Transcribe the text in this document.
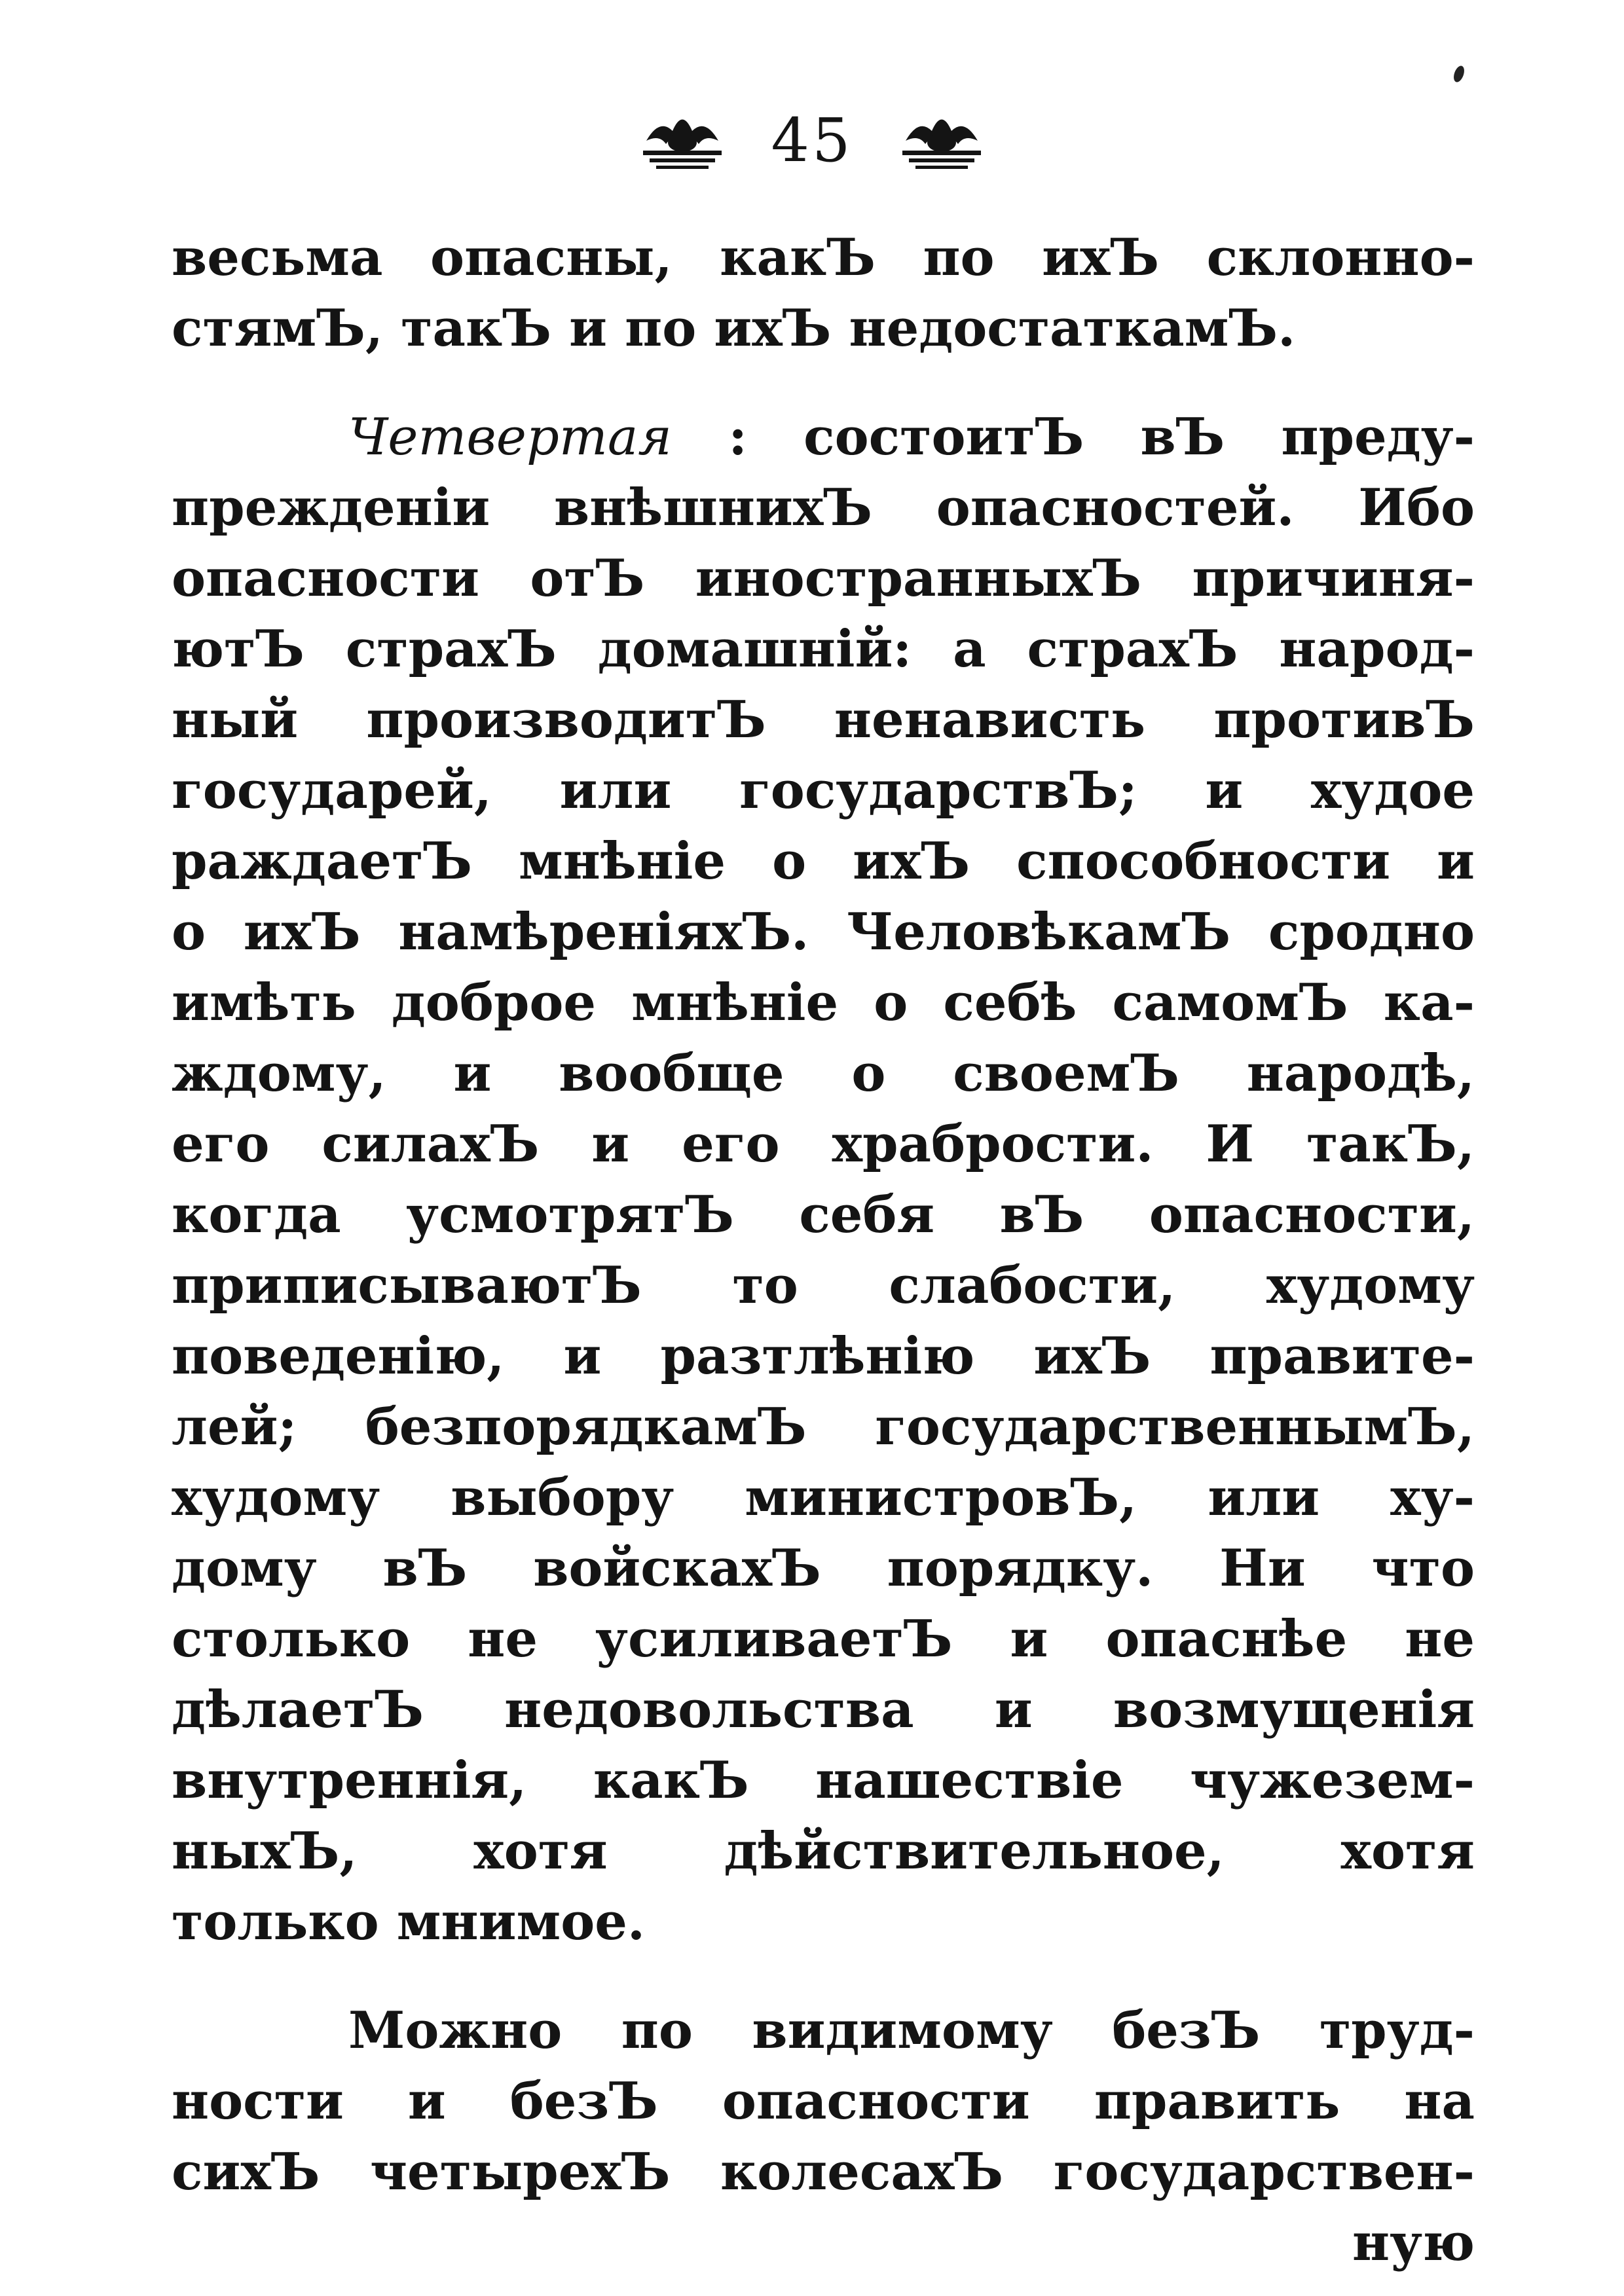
45
весьма опасны, какЪ по ихЪ склонно-
стямЪ, такЪ и по ихЪ недостаткамЪ.
Четвертая : состоитЪ вЪ преду-
прежденіи внѣшнихЪ опасностей. Ибо
опасности отЪ иностранныхЪ причиня-
ютЪ страхЪ домашній: а страхЪ народ-
ный производитЪ ненависть противЪ
государей, или государствЪ; и худое
раждаетЪ мнѣніе о ихЪ способности и
о ихЪ намѣреніяхЪ. ЧеловѣкамЪ сродно
имѣть доброе мнѣніе о себѣ самомЪ ка-
ждому, и вообще о своемЪ народѣ,
его силахЪ и его храбрости. И такЪ,
когда усмотрятЪ себя вЪ опасности,
приписываютЪ то слабости, худому
поведенію, и разтлѣнію ихЪ правите-
лей; безпорядкамЪ государственнымЪ,
худому выбору министровЪ, или ху-
дому вЪ войскахЪ порядку. Ни что
столько не усиливаетЪ и опаснѣе не
дѣлаетЪ недовольства и возмущенія
внутреннія, какЪ нашествіе чужезем-
ныхЪ, хотя дѣйствительное, хотя
только мнимое.
Можно по видимому безЪ труд-
ности и безЪ опасности править на
сихЪ четырехЪ колесахЪ государствен-
ную
